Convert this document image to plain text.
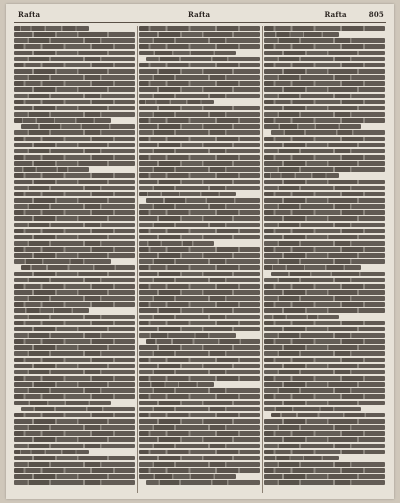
Rafta	Rafta	Rafta	805
